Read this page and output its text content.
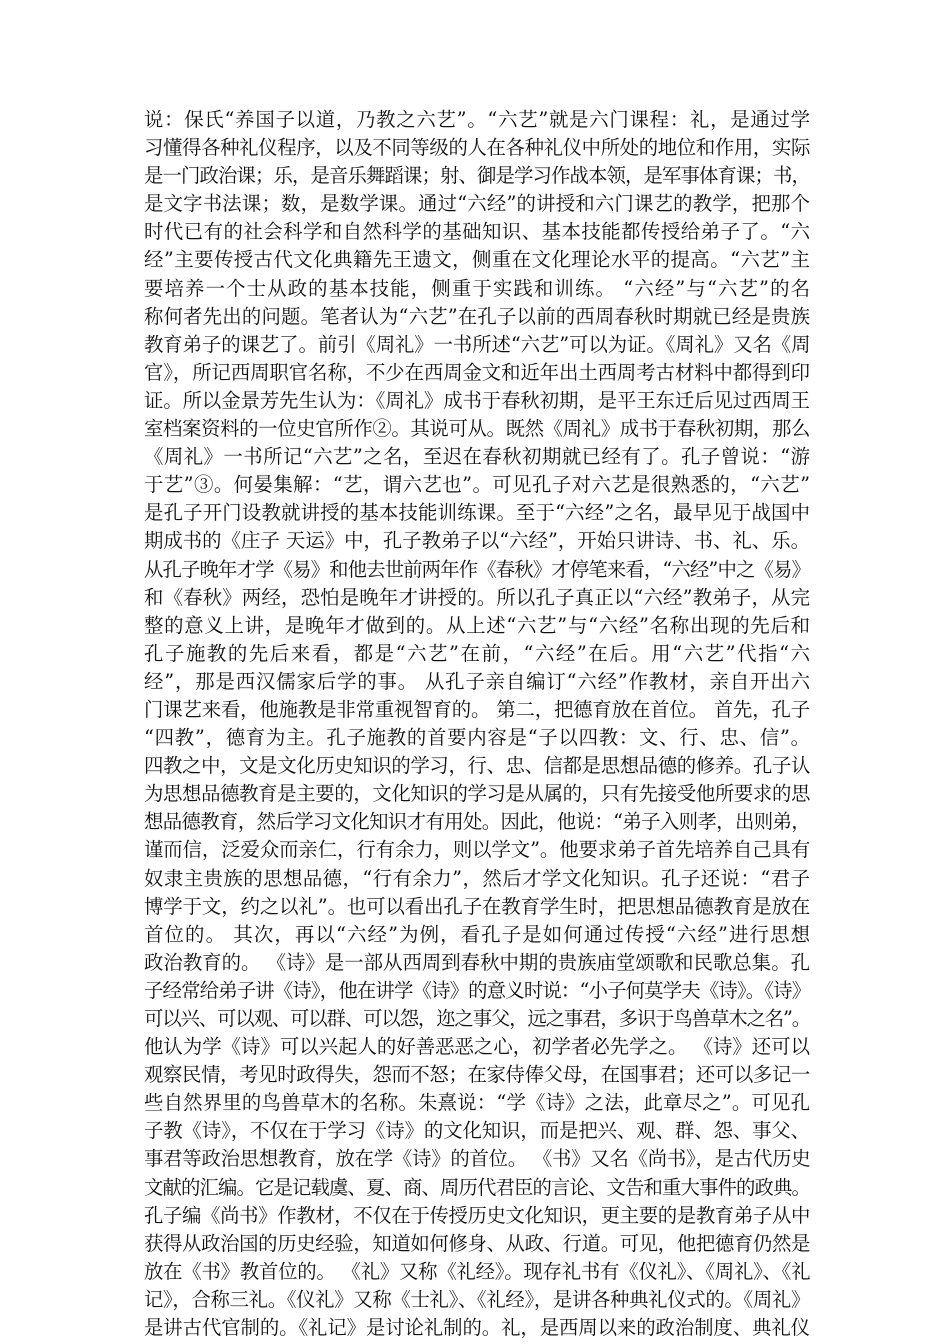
说：保氏“养国子以道，乃教之六艺”。“六艺”就是六门课程：礼，是通过学
习懂得各种礼仪程序，以及不同等级的人在各种礼仪中所处的地位和作用，实际
是一门政治课；乐，是音乐舞蹈课；射、御是学习作战本领，是军事体育课；书，
是文字书法课；数，是数学课。通过“六经”的讲授和六门课艺的教学，把那个
时代已有的社会科学和自然科学的基础知识、基本技能都传授给弟子了。“六
经”主要传授古代文化典籍先王遗文，侧重在文化理论水平的提高。“六艺”主
要培养一个士从政的基本技能，侧重于实践和训练。 “六经”与“六艺”的名
称何者先出的问题。笔者认为“六艺”在孔子以前的西周春秋时期就已经是贵族
教育弟子的课艺了。前引《周礼》一书所述“六艺”可以为证。《周礼》又名《周
官》，所记西周职官名称，不少在西周金文和近年出土西周考古材料中都得到印
证。所以金景芳先生认为：《周礼》成书于春秋初期，是平王东迁后见过西周王
室档案资料的一位史官所作②。其说可从。既然《周礼》成书于春秋初期，那么
《周礼》一书所记“六艺”之名，至迟在春秋初期就已经有了。孔子曾说：“游
于艺”③。何晏集解：“艺，谓六艺也”。可见孔子对六艺是很熟悉的，“六艺”
是孔子开门设教就讲授的基本技能训练课。至于“六经”之名，最早见于战国中
期成书的《庄子 天运》中，孔子教弟子以“六经”，开始只讲诗、书、礼、乐。
从孔子晚年才学《易》和他去世前两年作《春秋》才停笔来看，“六经”中之《易》
和《春秋》两经，恐怕是晚年才讲授的。所以孔子真正以“六经”教弟子，从完
整的意义上讲，是晚年才做到的。从上述“六艺”与“六经”名称出现的先后和
孔子施教的先后来看，都是“六艺”在前，“六经”在后。用“六艺”代指“六
经”，那是西汉儒家后学的事。 从孔子亲自编订“六经”作教材，亲自开出六
门课艺来看，他施教是非常重视智育的。 第二，把德育放在首位。 首先，孔子
“四教”，德育为主。孔子施教的首要内容是“子以四教：文、行、忠、信”。
四教之中，文是文化历史知识的学习，行、忠、信都是思想品德的修养。孔子认
为思想品德教育是主要的，文化知识的学习是从属的，只有先接受他所要求的思
想品德教育，然后学习文化知识才有用处。因此，他说：“弟子入则孝，出则弟，
谨而信，泛爱众而亲仁，行有余力，则以学文”。他要求弟子首先培养自己具有
奴隶主贵族的思想品德，“行有余力”，然后才学文化知识。孔子还说：“君子
博学于文，约之以礼”。也可以看出孔子在教育学生时，把思想品德教育是放在
首位的。 其次，再以“六经”为例，看孔子是如何通过传授“六经”进行思想
政治教育的。 《诗》是一部从西周到春秋中期的贵族庙堂颂歌和民歌总集。孔
子经常给弟子讲《诗》，他在讲学《诗》的意义时说：“小子何莫学夫《诗》。《诗》
可以兴、可以观、可以群、可以怨，迩之事父，远之事君，多识于鸟兽草木之名”。
他认为学《诗》可以兴起人的好善恶恶之心，初学者必先学之。 《诗》还可以
观察民情，考见时政得失，怨而不怒；在家侍俸父母，在国事君；还可以多记一
些自然界里的鸟兽草木的名称。朱熹说：“学《诗》之法，此章尽之”。可见孔
子教《诗》，不仅在于学习《诗》的文化知识，而是把兴、观、群、怨、事父、
事君等政治思想教育，放在学《诗》的首位。 《书》又名《尚书》，是古代历史
文献的汇编。它是记载虞、夏、商、周历代君臣的言论、文告和重大事件的政典。
孔子编《尚书》作教材，不仅在于传授历史文化知识，更主要的是教育弟子从中
获得从政治国的历史经验，知道如何修身、从政、行道。可见，他把德育仍然是
放在《书》教首位的。 《礼》又称《礼经》。现存礼书有《仪礼》、《周礼》、《礼
记》，合称三礼。《仪礼》又称《士礼》、《礼经》，是讲各种典礼仪式的。《周礼》
是讲古代官制的。《礼记》是讨论礼制的。礼，是西周以来的政治制度、典礼仪
